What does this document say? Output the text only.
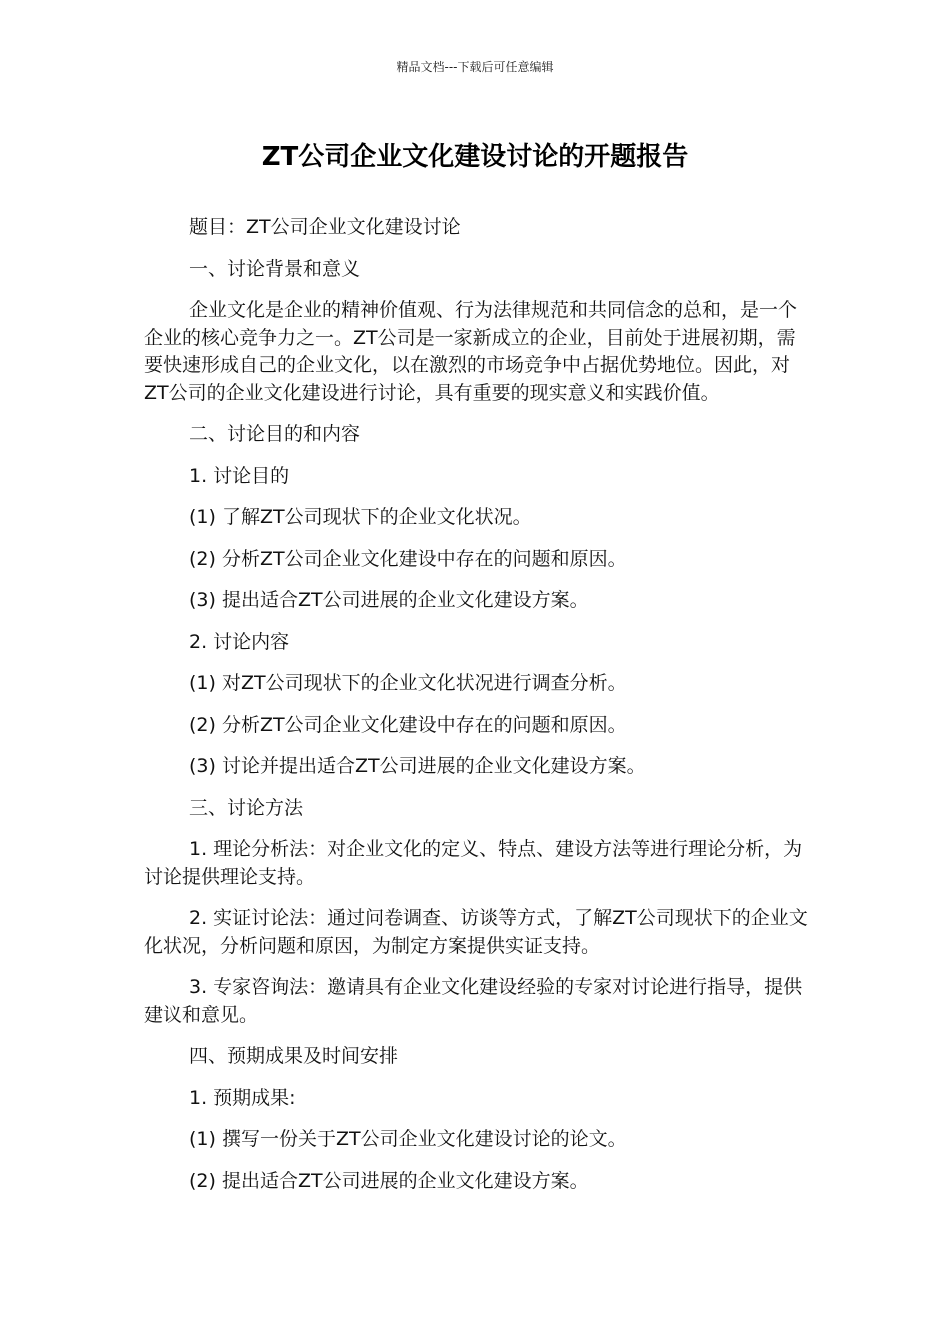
精品文档---下载后可任意编辑
ZT公司企业文化建设讨论的开题报告

题目：ZT公司企业文化建设讨论

一、讨论背景和意义

企业文化是企业的精神价值观、行为法律规范和共同信念的总和，是一个企业的核心竞争力之一。ZT公司是一家新成立的企业，目前处于进展初期，需要快速形成自己的企业文化，以在激烈的市场竞争中占据优势地位。因此，对ZT公司的企业文化建设进行讨论，具有重要的现实意义和实践价值。

二、讨论目的和内容

1. 讨论目的

(1) 了解ZT公司现状下的企业文化状况。

(2) 分析ZT公司企业文化建设中存在的问题和原因。

(3) 提出适合ZT公司进展的企业文化建设方案。

2. 讨论内容

(1) 对ZT公司现状下的企业文化状况进行调查分析。

(2) 分析ZT公司企业文化建设中存在的问题和原因。

(3) 讨论并提出适合ZT公司进展的企业文化建设方案。

三、讨论方法

1. 理论分析法：对企业文化的定义、特点、建设方法等进行理论分析，为讨论提供理论支持。

2. 实证讨论法：通过问卷调查、访谈等方式，了解ZT公司现状下的企业文化状况，分析问题和原因，为制定方案提供实证支持。

3. 专家咨询法：邀请具有企业文化建设经验的专家对讨论进行指导，提供建议和意见。

四、预期成果及时间安排

1. 预期成果:

(1) 撰写一份关于ZT公司企业文化建设讨论的论文。

(2) 提出适合ZT公司进展的企业文化建设方案。
